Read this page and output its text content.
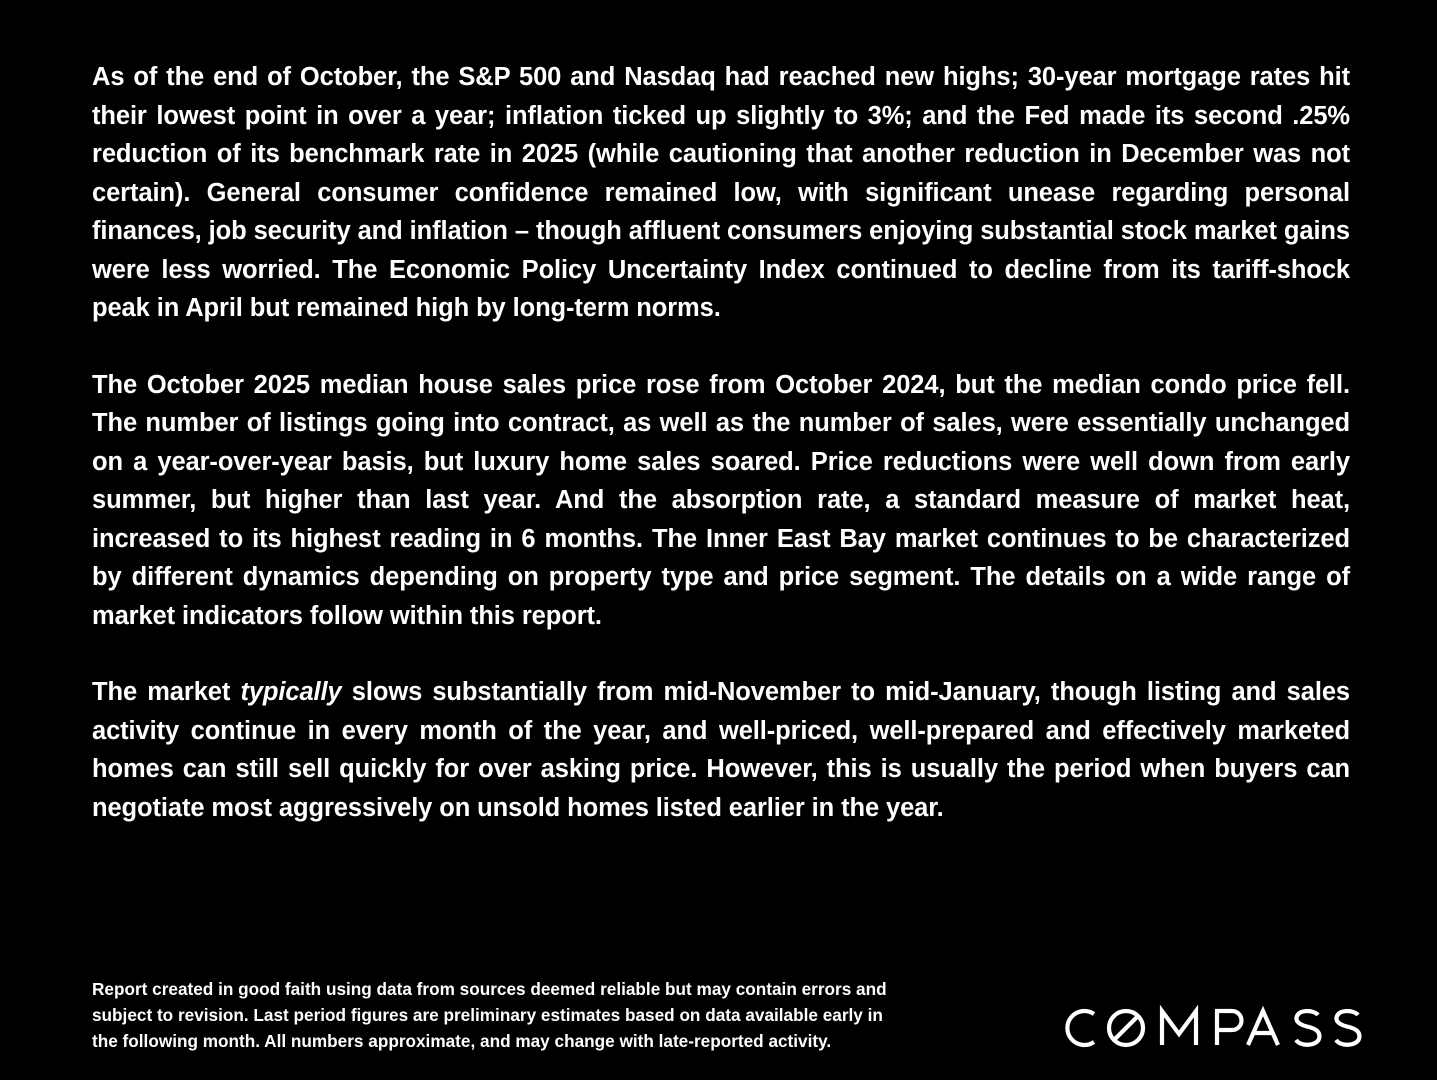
As of the end of October, the S&P 500 and Nasdaq had reached new highs; 30-year mortgage rates hit their lowest point in over a year; inflation ticked up slightly to 3%; and the Fed made its second .25% reduction of its benchmark rate in 2025 (while cautioning that another reduction in December was not certain). General consumer confidence remained low, with significant unease regarding personal finances, job security and inflation – though affluent consumers enjoying substantial stock market gains were less worried. The Economic Policy Uncertainty Index continued to decline from its tariff-shock peak in April but remained high by long-term norms.

The October 2025 median house sales price rose from October 2024, but the median condo price fell. The number of listings going into contract, as well as the number of sales, were essentially unchanged on a year-over-year basis, but luxury home sales soared. Price reductions were well down from early summer, but higher than last year. And the absorption rate, a standard measure of market heat, increased to its highest reading in 6 months. The Inner East Bay market continues to be characterized by different dynamics depending on property type and price segment. The details on a wide range of market indicators follow within this report.

The market typically slows substantially from mid-November to mid-January, though listing and sales activity continue in every month of the year, and well-priced, well-prepared and effectively marketed homes can still sell quickly for over asking price. However, this is usually the period when buyers can negotiate most aggressively on unsold homes listed earlier in the year.

Report created in good faith using data from sources deemed reliable but may contain errors and
subject to revision. Last period figures are preliminary estimates based on data available early in
the following month. All numbers approximate, and may change with late-reported activity.
